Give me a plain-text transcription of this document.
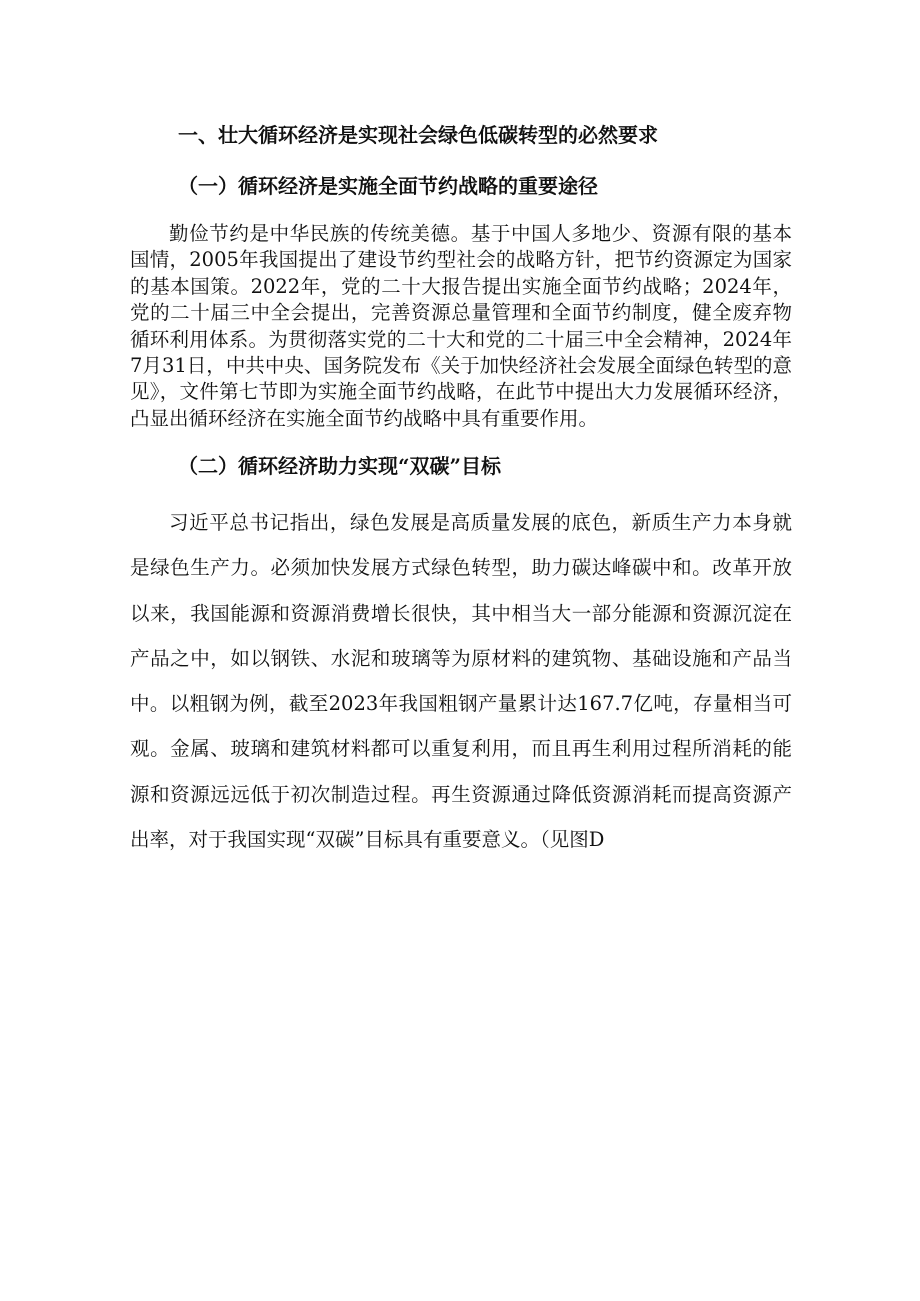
一、壮大循环经济是实现社会绿色低碳转型的必然要求
（一）循环经济是实施全面节约战略的重要途径

勤俭节约是中华民族的传统美德。基于中国人多地少、资源有限的基本国情，2005年我国提出了建设节约型社会的战略方针，把节约资源定为国家的基本国策。2022年，党的二十大报告提出实施全面节约战略；2024年，党的二十届三中全会提出，完善资源总量管理和全面节约制度，健全废弃物循环利用体系。为贯彻落实党的二十大和党的二十届三中全会精神，2024年7月31日，中共中央、国务院发布《关于加快经济社会发展全面绿色转型的意见》，文件第七节即为实施全面节约战略，在此节中提出大力发展循环经济，凸显出循环经济在实施全面节约战略中具有重要作用。

（二）循环经济助力实现“双碳”目标

习近平总书记指出，绿色发展是高质量发展的底色，新质生产力本身就是绿色生产力。必须加快发展方式绿色转型，助力碳达峰碳中和。改革开放以来，我国能源和资源消费增长很快，其中相当大一部分能源和资源沉淀在产品之中，如以钢铁、水泥和玻璃等为原材料的建筑物、基础设施和产品当中。以粗钢为例，截至2023年我国粗钢产量累计达167.7亿吨，存量相当可观。金属、玻璃和建筑材料都可以重复利用，而且再生利用过程所消耗的能源和资源远远低于初次制造过程。再生资源通过降低资源消耗而提高资源产出率，对于我国实现“双碳”目标具有重要意义。（见图D
